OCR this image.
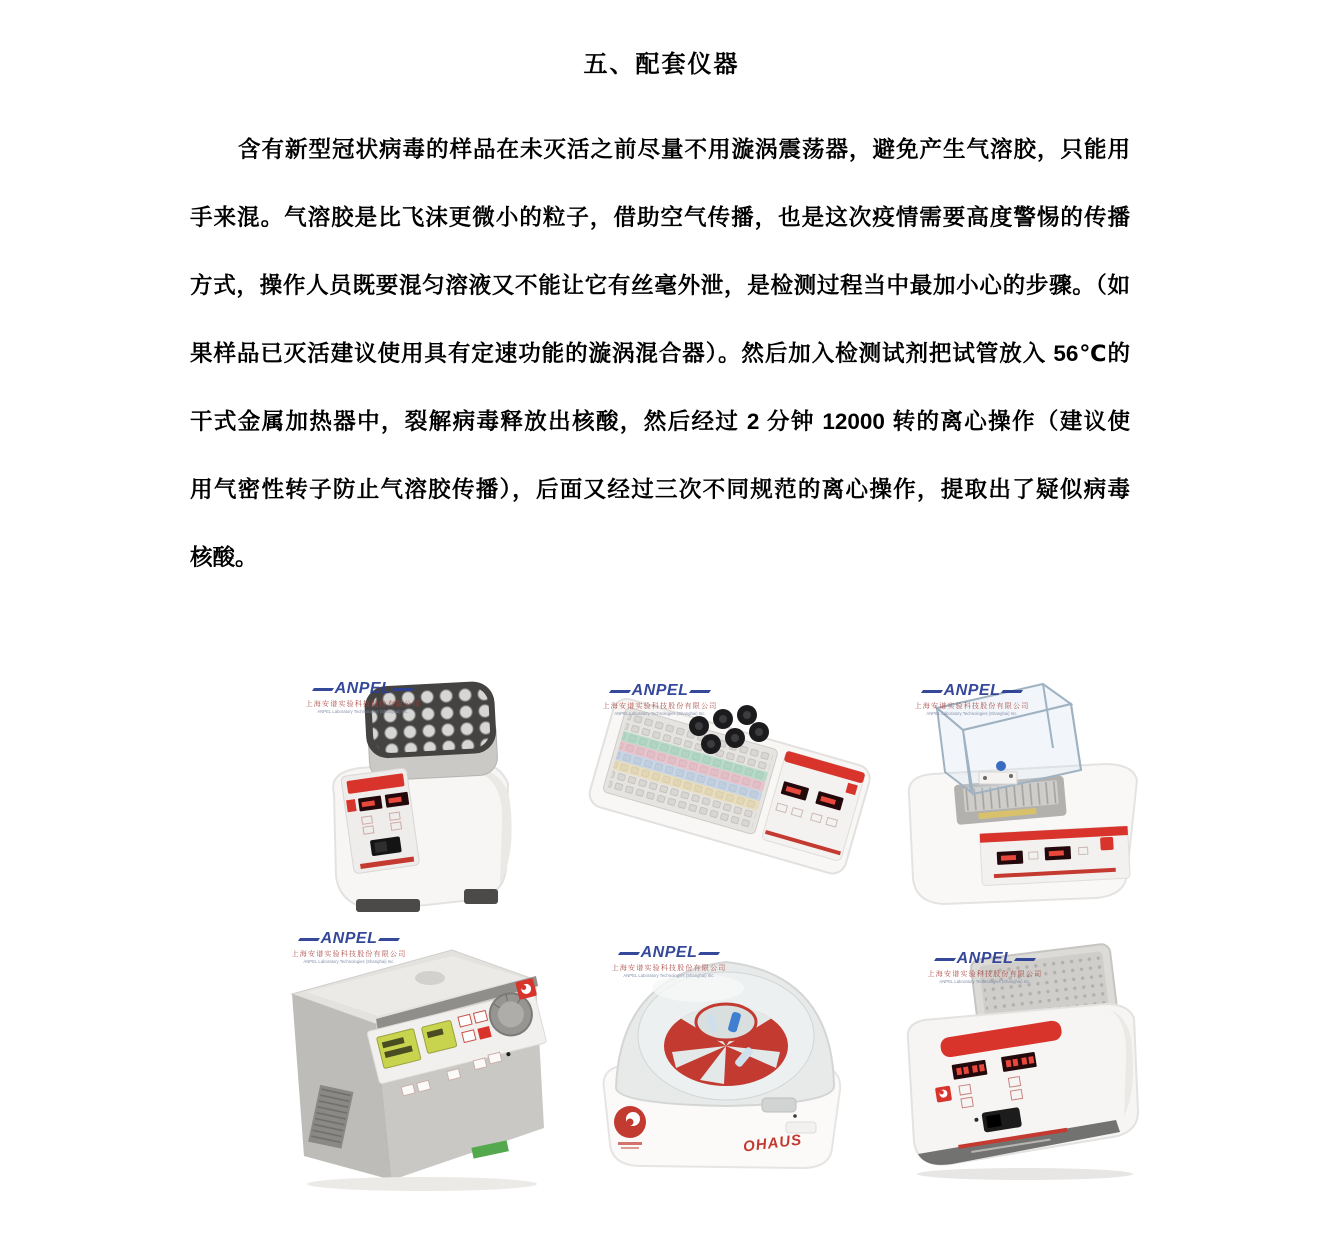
五、配套仪器
含有新型冠状病毒的样品在未灭活之前尽量不用漩涡震荡器，避免产生气溶胶，只能用
手来混。气溶胶是比飞沫更微小的粒子，借助空气传播，也是这次疫情需要高度警惕的传播
方式，操作人员既要混匀溶液又不能让它有丝毫外泄，是检测过程当中最加小心的步骤。（如
果样品已灭活建议使用具有定速功能的漩涡混合器）。然后加入检测试剂把试管放入 56℃的
干式金属加热器中，裂解病毒释放出核酸，然后经过 2 分钟 12000 转的离心操作（建议使
用气密性转子防止气溶胶传播），后面又经过三次不同规范的离心操作，提取出了疑似病毒
核酸。
ANPEL
上海安谱实验科技股份有限公司
ANPEL Laboratory Technologies (Shanghai) Inc.
ANPEL
上海安谱实验科技股份有限公司
ANPEL Laboratory Technologies (Shanghai) Inc.
ANPEL
上海安谱实验科技股份有限公司
ANPEL Laboratory Technologies (Shanghai) Inc.
ANPEL
上海安谱实验科技股份有限公司
ANPEL Laboratory Technologies (Shanghai) Inc.
OHAUS
ANPEL
上海安谱实验科技股份有限公司
ANPEL Laboratory Technologies (Shanghai) Inc.
ANPEL
上海安谱实验科技股份有限公司
ANPEL Laboratory Technologies (Shanghai) Inc.
